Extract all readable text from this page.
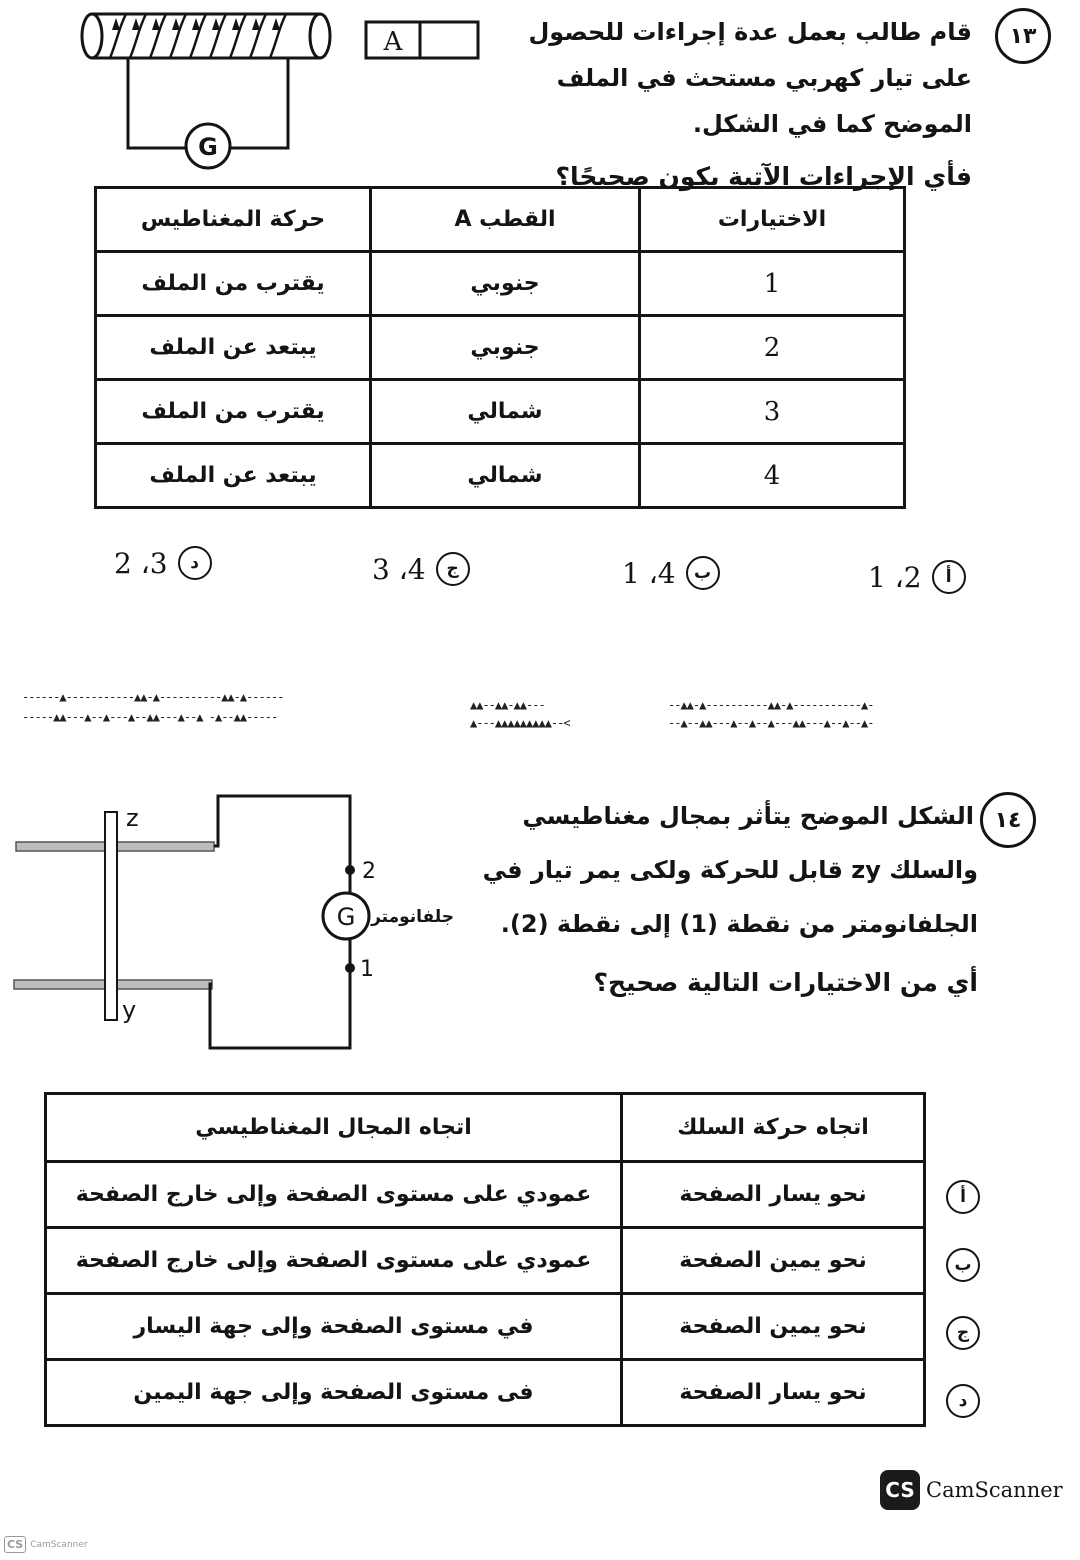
١٣
قام طالب بعمل عدة إجراءات للحصول
على تيار كهربي مستحث في الملف
الموضح كما في الشكل.
فأي الإجراءات الآتية يكون صحيحًا؟
G
A
الاختيارات	القطب A	حركة المغناطيس
1	جنوبي	يقترب من الملف
2	جنوبي	يبتعد عن الملف
3	شمالي	يقترب من الملف
4	شمالي	يبتعد عن الملف
أ
2، 1
ب
4، 1
ج
4، 3
د
3، 2
------▲-----------▲▲-▲----------▲▲-▲------
-----▲▲---▲--▲---▲--▲▲---▲--▲ -▲--▲▲-----
▲▲--▲▲-▲▲---
▲---▲▲▲▲▲▲▲▲▲--<
--▲▲-▲----------▲▲-▲-----------▲-
--▲--▲▲---▲--▲--▲---▲▲---▲--▲--▲-
١٤
الشكل الموضح يتأثر بمجال مغناطيسي
والسلك zy قابل للحركة ولكى يمر تيار في
الجلفانومتر من نقطة (1) إلى نقطة (2).
أي من الاختيارات التالية صحيح؟
z
y
2
1
G جلفانومتر
اتجاه حركة السلك	اتجاه المجال المغناطيسي
نحو يسار الصفحة	عمودي على مستوى الصفحة وإلى خارج الصفحة
نحو يمين الصفحة	عمودي على مستوى الصفحة وإلى خارج الصفحة
نحو يمين الصفحة	في مستوى الصفحة وإلى جهة اليسار
نحو يسار الصفحة	فى مستوى الصفحة وإلى جهة اليمين
أ
ب
ج
د
CS CamScanner
CS CamScanner
